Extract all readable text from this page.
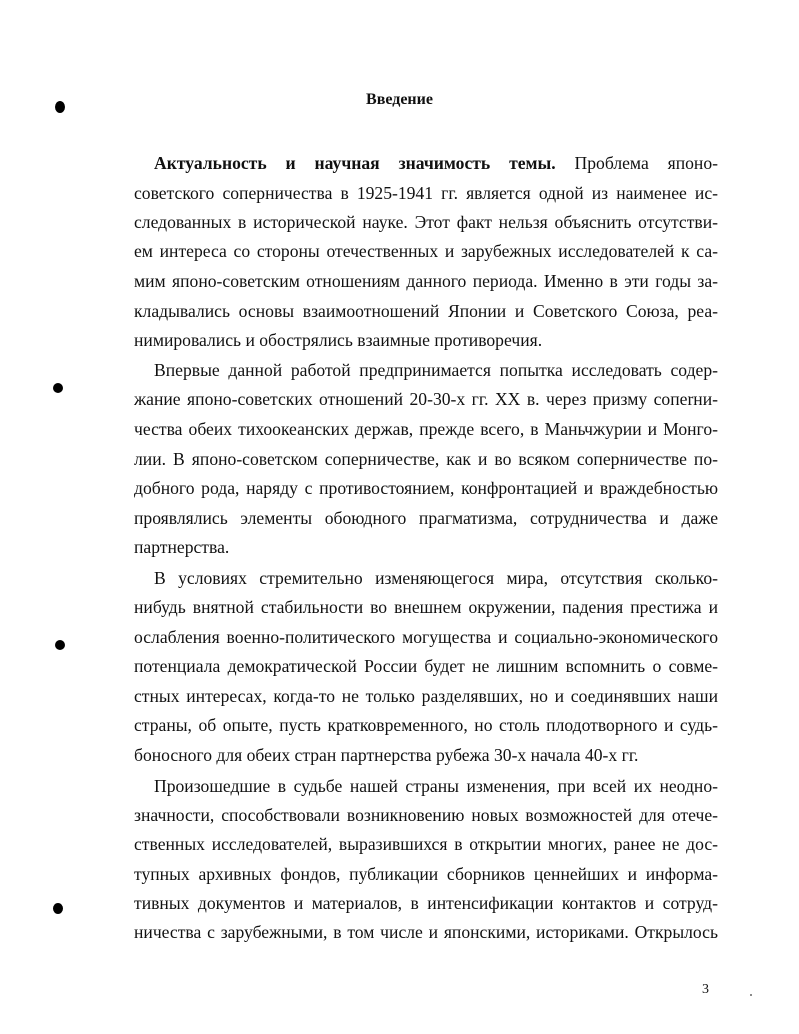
Введение

Актуальность и научная значимость темы. Проблема японо-

советского соперничества в 1925-1941 гг. является одной из наименее ис-

следованных в исторической науке. Этот факт нельзя объяснить отсутстви-

ем интереса со стороны отечественных и зарубежных исследователей к са-

мим японо-советским отношениям данного периода. Именно в эти годы за-

кладывались основы взаимоотношений Японии и Советского Союза, реа-

нимировались и обострялись взаимные противоречия.

Впервые данной работой предпринимается попытка исследовать содер-

жание японо-советских отношений 20-30-х гг. XX в. через призму сопerни-

чества обеих тихоокеанских держав, прежде всего, в Маньчжурии и Монго-

лии. В японо-советском соперничестве, как и во всяком соперничестве по-

добного рода, наряду с противостоянием, конфронтацией и враждебностью

проявлялись элементы обоюдного прагматизма, сотрудничества и даже

партнерства.

В условиях стремительно изменяющегося мира, отсутствия сколько-

нибудь внятной стабильности во внешнем окружении, падения престижа и

ослабления военно-политического могущества и социально-экономического

потенциала демократической России будет не лишним вспомнить о совме-

стных интересах, когда-то не только разделявших, но и соединявших наши

страны, об опыте, пусть кратковременного, но столь плодотворного и судь-

боносного для обеих стран партнерства рубежа 30-х начала 40-х гг.

Произошедшие в судьбе нашей страны изменения, при всей их неодно-

значности, способствовали возникновению новых возможностей для отече-

ственных исследователей, выразившихся в открытии многих, ранее не дос-

тупных архивных фондов, публикации сборников ценнейших и информа-

тивных документов и материалов, в интенсификации контактов и сотруд-

ничества с зарубежными, в том числе и японскими, историками. Открылось

3
